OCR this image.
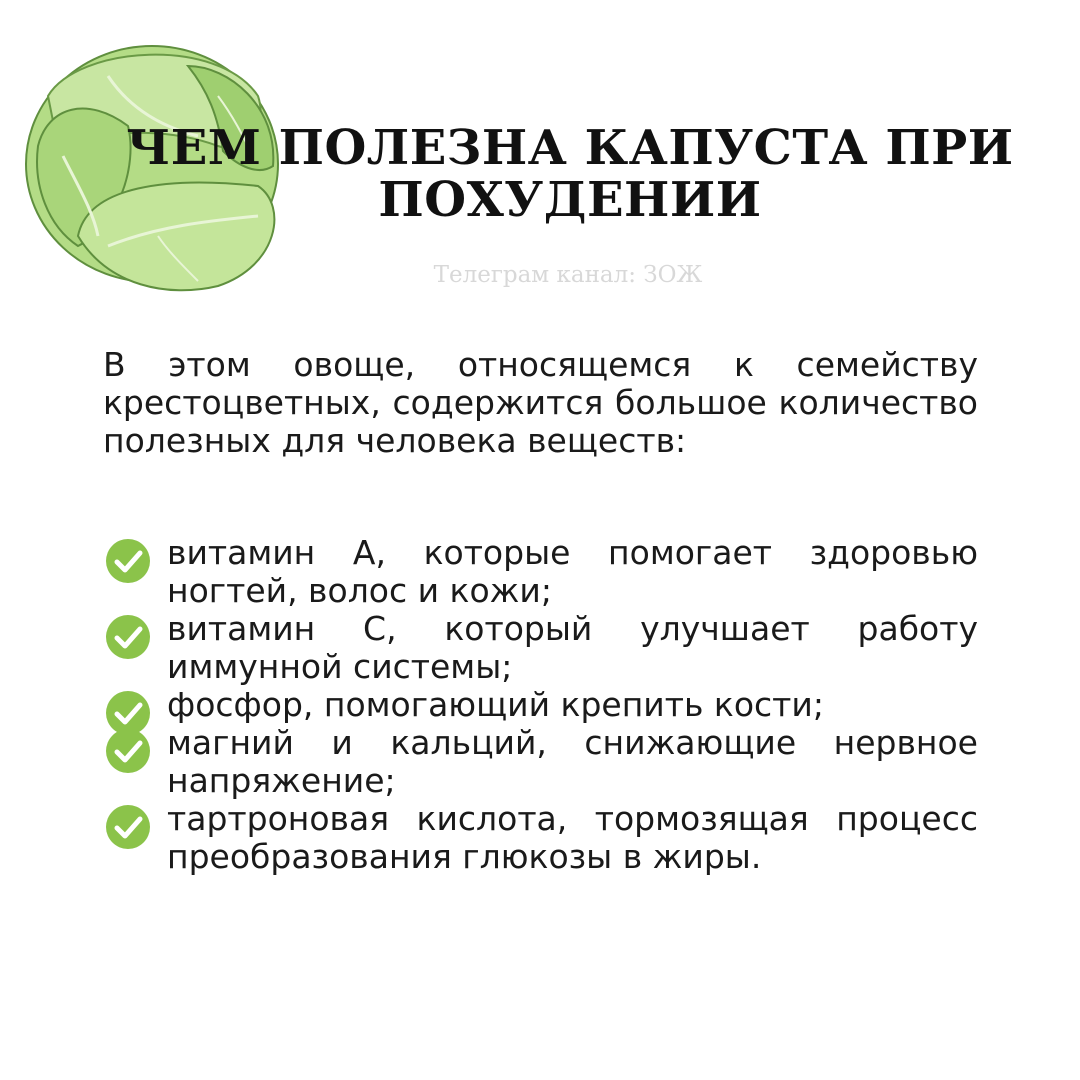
ЧЕМ ПОЛЕЗНА КАПУСТА ПРИ ПОХУДЕНИИ
Телеграм канал: ЗОЖ

В этом овоще, относящемся к семейству крестоцветных, содержится большое количество полезных для человека веществ:

витамин А, которые помогает здоровью ногтей, волос и кожи;

витамин С, который улучшает работу иммунной системы;

фосфор, помогающий крепить кости;

магний и кальций, снижающие нервное напряжение;

тартроновая кислота, тормозящая процесс преобразования глюкозы в жиры.
